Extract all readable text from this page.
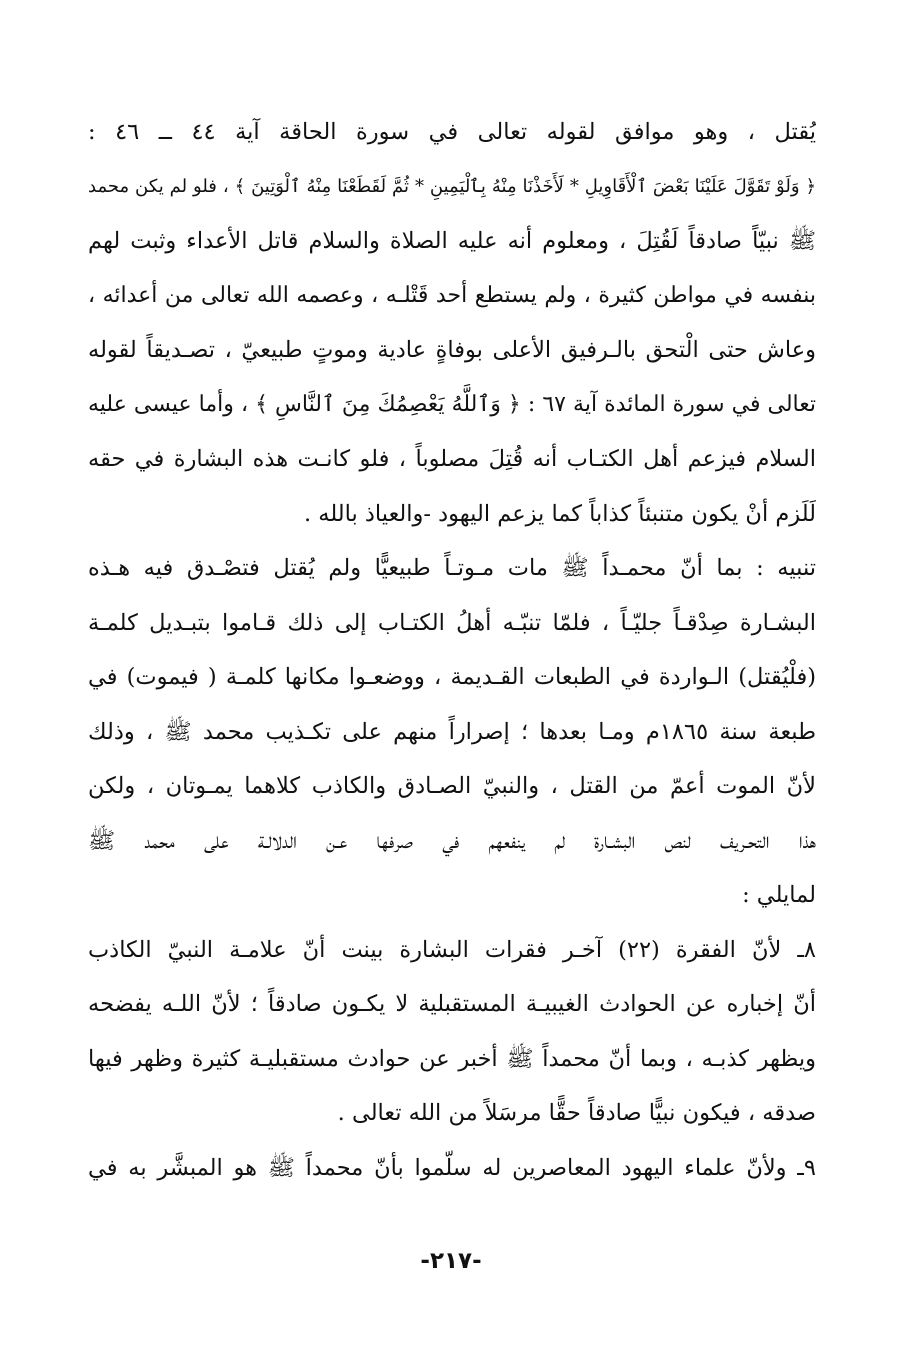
يُقتل ، وهو موافق لقوله تعالى في سورة الحاقة آية ٤٤ ــ ٤٦ :
﴿ وَلَوْ تَقَوَّلَ عَلَيْنَا بَعْضَ ٱلْأَقَاوِيلِ * لَأَخَذْنَا مِنْهُ بِٱلْيَمِينِ * ثُمَّ لَقَطَعْنَا مِنْهُ ٱلْوَتِينَ ﴾ ، فلو لم يكن محمد
ﷺ نبيّاً صادقاً لَقُتِلَ ، ومعلوم أنه عليه الصلاة والسلام قاتل الأعداء وثبت لهم
بنفسه في مواطن كثيرة ، ولم يستطع أحد قَتْلـه ، وعصمه الله تعالى من أعدائه ،
وعاش حتى الْتحق بالـرفيق الأعلى بوفاةٍ عادية وموتٍ طبيعيّ ، تصـديقاً لقوله
تعالى في سورة المائدة آية ٦٧ : ﴿ وَٱللَّهُ يَعْصِمُكَ مِنَ ٱلنَّاسِ ﴾ ، وأما عيسى عليه
السلام فيزعم أهل الكتـاب أنه قُتِلَ مصلوباً ، فلو كانـت هذه البشارة في حقه
لَلَزم أنْ يكون متنبئاً كذاباً كما يزعم اليهود -والعياذ بالله .
تنبيه : بما أنّ محمـداً ﷺ مات مـوتـاً طبيعيًّا ولم يُقتل فتصْـدق فيه هـذه
البشـارة صِدْقـاً جليّـاً ، فلمّا تنبّـه أهلُ الكتـاب إلى ذلك قـاموا بتبـديل كلمـة
(فلْيُقتل) الـواردة في الطبعات القـديمة ، ووضعـوا مكانها كلمـة ( فيموت) في
طبعة سنة ١٨٦٥م ومـا بعدها ؛ إصراراً منهم على تكـذيب محمد ﷺ ، وذلك
لأنّ الموت أعمّ من القتل ، والنبيّ الصـادق والكاذب كلاهما يمـوتان ، ولكن
هذا التحـريف لنص البشـارة لم ينفعهم في صرفها عـن الدلالـة على محمد ﷺ
لمايلي :
٨ـ لأنّ الفقرة (٢٢) آخـر فقرات البشارة بينت أنّ علامـة النبيّ الكاذب
أنّ إخباره عن الحوادث الغيبيـة المستقبلية لا يكـون صادقاً ؛ لأنّ اللـه يفضحه
ويظهر كذبـه ، وبما أنّ محمداً ﷺ أخبر عن حوادث مستقبليـة كثيرة وظهر فيها
صدقه ، فيكون نبيًّا صادقاً حقًّا مرسَلاً من الله تعالى .
٩ـ ولأنّ علماء اليهود المعاصرين له سلّموا بأنّ محمداً ﷺ هو المبشَّر به في
-٢١٧-
